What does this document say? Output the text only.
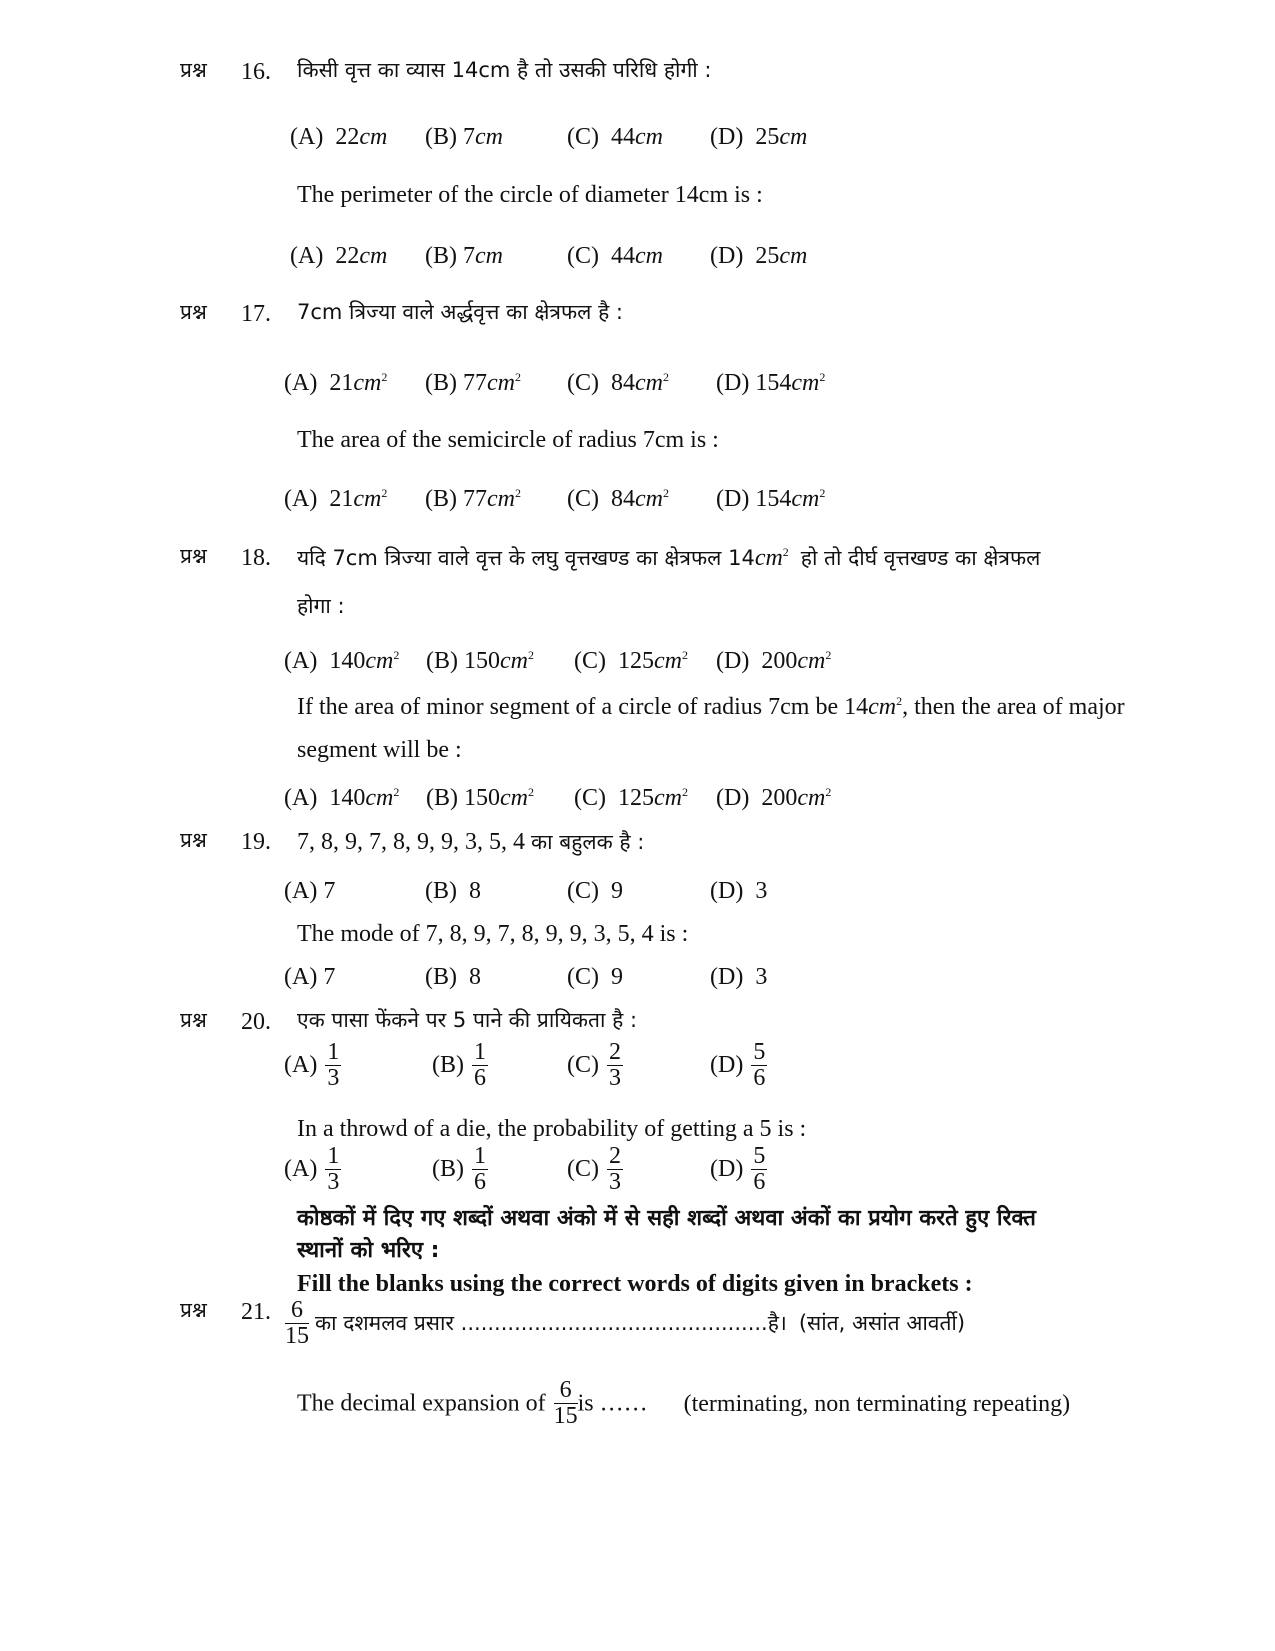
प्रश्न 16. किसी वृत्त का व्यास 14cm है तो उसकी परिधि होगी :
(A) 22cm (B) 7cm	(C) 44cm (D) 25cm
The perimeter of the circle of diameter 14cm is :
(A) 22cm (B) 7cm	(C) 44cm (D) 25cm
प्रश्न 17. 7cm त्रिज्या वाले अर्द्धवृत्त का क्षेत्रफल है :
(A) $21cm^2$ (B) $77cm^2$ (C) $84cm^2$ (D) $154cm^2$
The area of the semicircle of radius 7cm is :
(A) $21cm^2$ (B) $77cm^2$ (C) $84cm^2$ (D) $154cm^2$
प्रश्न 18. यदि 7cm त्रिज्या वाले वृत्त के लघु वृत्तखण्ड का क्षेत्रफल $14cm^2$ हो तो दीर्घ वृत्तखण्ड का क्षेत्रफल
होगा :
(A) $140cm^2$ (B) $150cm^2$ (C) $125cm^2$ (D) $200cm^2$
If the area of minor segment of a circle of radius 7cm be $14cm^2$, then the area of major
segment will be :
(A) $140cm^2$ (B) $150cm^2$ (C) $125cm^2$ (D) $200cm^2$
प्रश्न 19. 7, 8, 9, 7, 8, 9, 9, 3, 5, 4 का बहुलक है :
(A) 7	(B) 8	(C) 9	(D) 3
The mode of 7, 8, 9, 7, 8, 9, 9, 3, 5, 4 is :
(A) 7	(B) 8	(C) 9	(D) 3
प्रश्न 20. एक पासा फेंकने पर 5 पाने की प्रायिकता है :
$(A) \frac{1}{3}$	$(B) \frac{1}{6}$	$(C) \frac{2}{3}$	$(D) \frac{5}{6}$
In a throwd of a die, the probability of getting a 5 is :
$(A) \frac{1}{3}$	$(B) \frac{1}{6}$	$(C) \frac{2}{3}$	$(D) \frac{5}{6}$
कोष्ठकों में दिए गए शब्दों अथवा अंको में से सही शब्दों अथवा अंकों का प्रयोग करते हुए रिक्त
स्थानों को भरिए :
Fill the blanks using the correct words of digits given in brackets :
प्रश्न 21. $\frac{6}{15}$ का दशमलव प्रसार ..............................................है। (सांत, असांत आवर्ती)
The decimal expansion of $\frac{6}{15}$ is …… (terminating, non terminating repeating)
